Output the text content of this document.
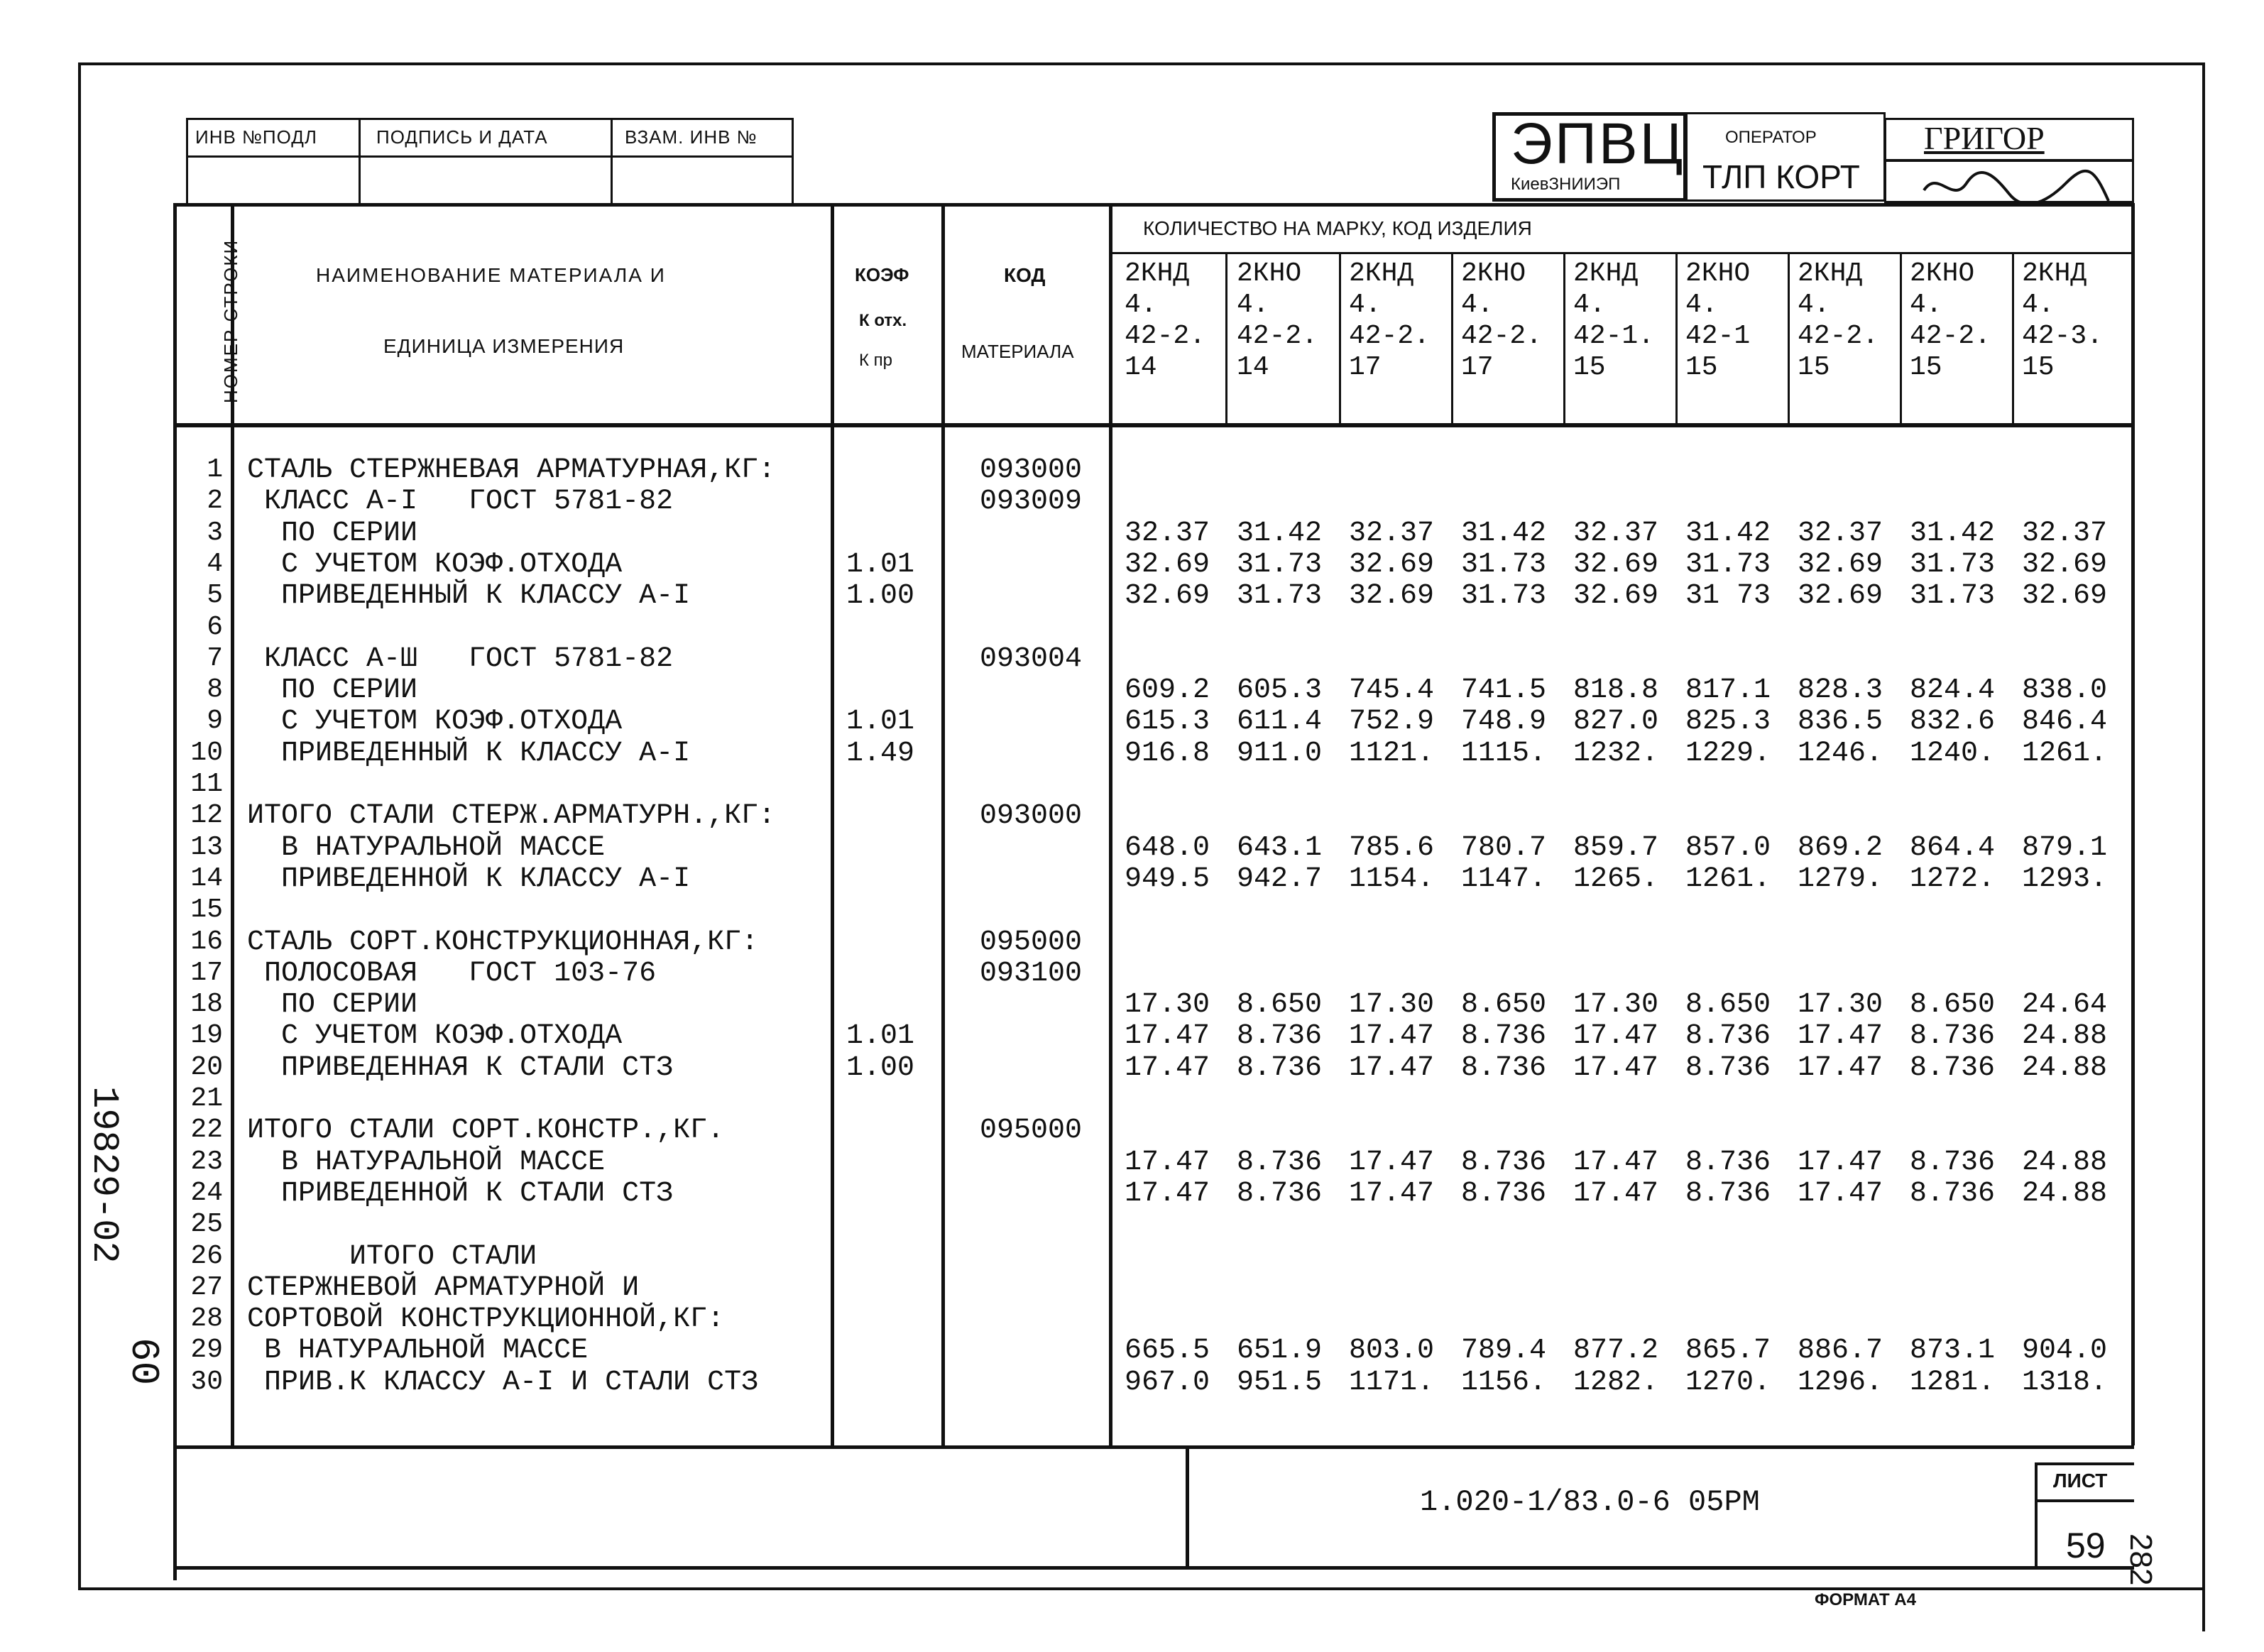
ИНВ №ПОДЛ	ПОДПИСЬ И ДАТА	ВЗАМ. ИНВ №	ЭПВЦ
КиевЗНИИЭП
ОПЕРАТОР
ТЛП КОРТ
ГРИГОР
НОМЕР СТРОКИ	НАИМЕНОВАНИЕ МАТЕРИАЛА И
ЕДИНИЦА ИЗМЕРЕНИЯ
КОЭФ
К отх.
К пр
КОД
МАТЕРИАЛА
КОЛИЧЕСТВО НА МАРКУ, КОД ИЗДЕЛИЯ
2КНД
4.
42-2.
14
2КНО
4.
42-2.
14
2КНД
4.
42-2.
17
2КНО
4.
42-2.
17
2КНД
4.
42-1.
15
2КНО
4.
42-1
15
2КНД
4.
42-2.
15
2КНО
4.
42-2.
15
2КНД
4.
42-3.
15
1 СТАЛЬ СТЕРЖНЕВАЯ АРМАТУРНАЯ,КГ:	093000
2 КЛАСС А-I   ГОСТ 5781-82	093009
3 ПО СЕРИИ	32.37 31.42 32.37 31.42 32.37 31.42 32.37 31.42 32.37
4 С УЧЕТОМ КОЭФ.ОТХОДА	1.01	32.69 31.73 32.69 31.73 32.69 31.73 32.69 31.73 32.69
5 ПРИВЕДЕННЫЙ К КЛАССУ А-I	1.00	32.69 31.73 32.69 31.73 32.69 31 73 32.69 31.73 32.69
6
7 КЛАСС А-Ш   ГОСТ 5781-82	093004
8 ПО СЕРИИ	609.2 605.3 745.4 741.5 818.8 817.1 828.3 824.4 838.0
9 С УЧЕТОМ КОЭФ.ОТХОДА	1.01	615.3 611.4 752.9 748.9 827.0 825.3 836.5 832.6 846.4
10 ПРИВЕДЕННЫЙ К КЛАССУ А-I	1.49	916.8 911.0 1121. 1115. 1232. 1229. 1246. 1240. 1261.
11
12 ИТОГО СТАЛИ СТЕРЖ.АРМАТУРН.,КГ:	093000
13 В НАТУРАЛЬНОЙ МАССЕ	648.0 643.1 785.6 780.7 859.7 857.0 869.2 864.4 879.1
14 ПРИВЕДЕННОЙ К КЛАССУ А-I	949.5 942.7 1154. 1147. 1265. 1261. 1279. 1272. 1293.
15
16 СТАЛЬ СОРТ.КОНСТРУКЦИОННАЯ,КГ:	095000
17 ПОЛОСОВАЯ   ГОСТ 103-76	093100
18 ПО СЕРИИ	17.30 8.650 17.30 8.650 17.30 8.650 17.30 8.650 24.64
19 С УЧЕТОМ КОЭФ.ОТХОДА	1.01	17.47 8.736 17.47 8.736 17.47 8.736 17.47 8.736 24.88
20 ПРИВЕДЕННАЯ К СТАЛИ СТЗ	1.00	17.47 8.736 17.47 8.736 17.47 8.736 17.47 8.736 24.88
21
22 ИТОГО СТАЛИ СОРТ.КОНСТР.,КГ.	095000
23 В НАТУРАЛЬНОЙ МАССЕ	17.47 8.736 17.47 8.736 17.47 8.736 17.47 8.736 24.88
24 ПРИВЕДЕННОЙ К СТАЛИ СТЗ	17.47 8.736 17.47 8.736 17.47 8.736 17.47 8.736 24.88
25
26 ИТОГО СТАЛИ
27 СТЕРЖНЕВОЙ АРМАТУРНОЙ И
28 СОРТОВОЙ КОНСТРУКЦИОННОЙ,КГ:
29 В НАТУРАЛЬНОЙ МАССЕ	665.5 651.9 803.0 789.4 877.2 865.7 886.7 873.1 904.0
30 ПРИВ.К КЛАССУ А-I И СТАЛИ СТЗ	967.0 951.5 1171. 1156. 1282. 1270. 1296. 1281. 1318.
1.020-1/83.0-6 05РМ
ЛИСТ
59
ФОРМАТ А4
282
19829-02
60
